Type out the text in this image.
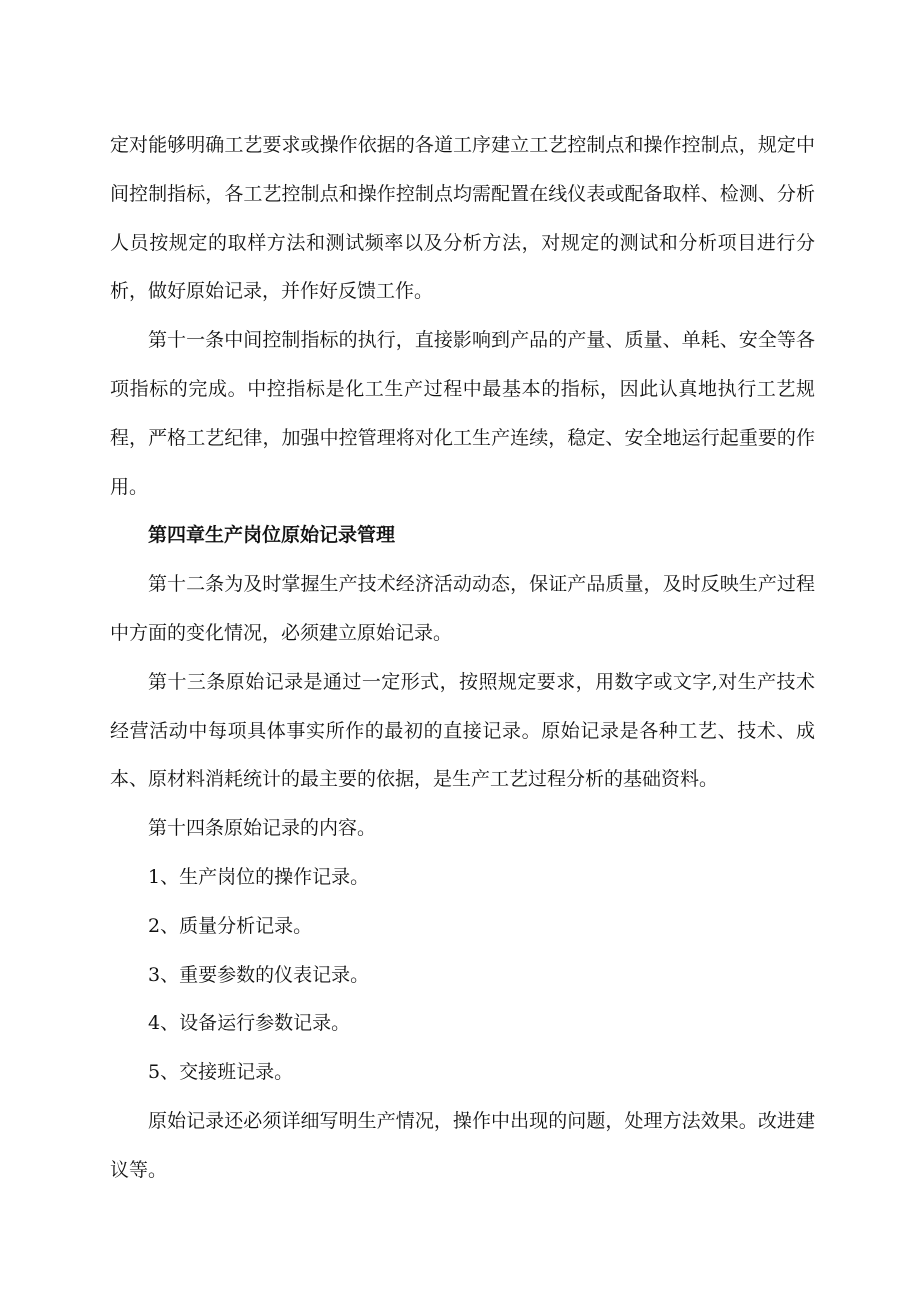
定对能够明确工艺要求或操作依据的各道工序建立工艺控制点和操作控制点，规定中间控制指标，各工艺控制点和操作控制点均需配置在线仪表或配备取样、检测、分析人员按规定的取样方法和测试频率以及分析方法，对规定的测试和分析项目进行分析，做好原始记录，并作好反馈工作。

第十一条中间控制指标的执行，直接影响到产品的产量、质量、单耗、安全等各项指标的完成。中控指标是化工生产过程中最基本的指标，因此认真地执行工艺规程，严格工艺纪律，加强中控管理将对化工生产连续，稳定、安全地运行起重要的作用。

第四章生产岗位原始记录管理

第十二条为及时掌握生产技术经济活动动态，保证产品质量，及时反映生产过程中方面的变化情况，必须建立原始记录。

第十三条原始记录是通过一定形式，按照规定要求，用数字或文字,对生产技术经营活动中每项具体事实所作的最初的直接记录。原始记录是各种工艺、技术、成本、原材料消耗统计的最主要的依据，是生产工艺过程分析的基础资料。

第十四条原始记录的内容。

1、生产岗位的操作记录。

2、质量分析记录。

3、重要参数的仪表记录。

4、设备运行参数记录。

5、交接班记录。

原始记录还必须详细写明生产情况，操作中出现的问题，处理方法效果。改进建议等。
